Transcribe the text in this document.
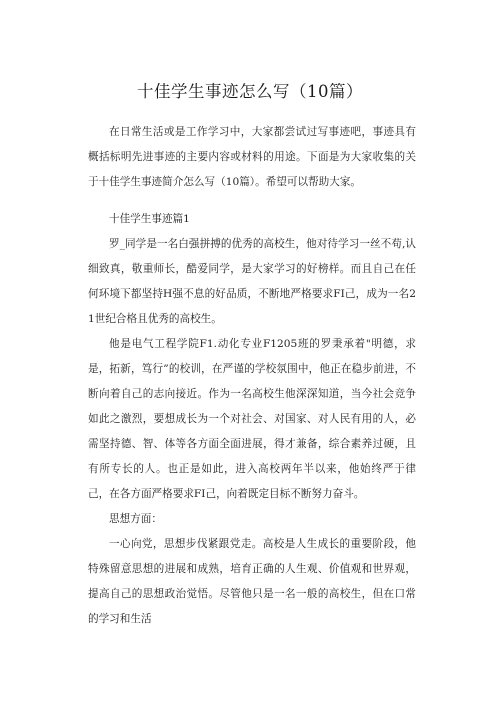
十佳学生事迹怎么写（10篇）

在日常生活或是工作学习中，大家都尝试过写事迹吧，事迹具有概括标明先进事迹的主要内容或材料的用途。下面是为大家收集的关于十佳学生事迹简介怎么写（10篇）。希望可以帮助大家。

十佳学生事迹篇1

罗_同学是一名白强拼搏的优秀的高校生，他对待学习一丝不苟,认细致真，敬重师长，酷爱同学，是大家学习的好榜样。而且自己在任何环境下都坚持H强不息的好品质，不断地严格要求FI己，成为一名21世纪合格且优秀的高校生。

他是电气工程学院F1.动化专业F1205班的罗秉承着"明德，求是，拓新，笃行”的校训，在严谨的学校氛围中，他正在稳步前进，不断向着自己的志向接近。作为一名高校生他深深知道，当今社会竞争如此之激烈，要想成长为一个对社会、对国家、对人民有用的人，必需坚持德、智、体等各方面全面进展，得才兼备，综合素养过硬，且有所专长的人。也正是如此，进入高校两年半以来，他始终严于律己，在各方面严格要求FI己，向着既定目标不断努力奋斗。

思想方面：

一心向党，思想步伐紧跟党走。高校是人生成长的重要阶段，他特殊留意思想的进展和成熟，培育正确的人生观、价值观和世界观，提高自己的思想政治觉悟。尽管他只是一名一般的高校生，但在口常的学习和生活
